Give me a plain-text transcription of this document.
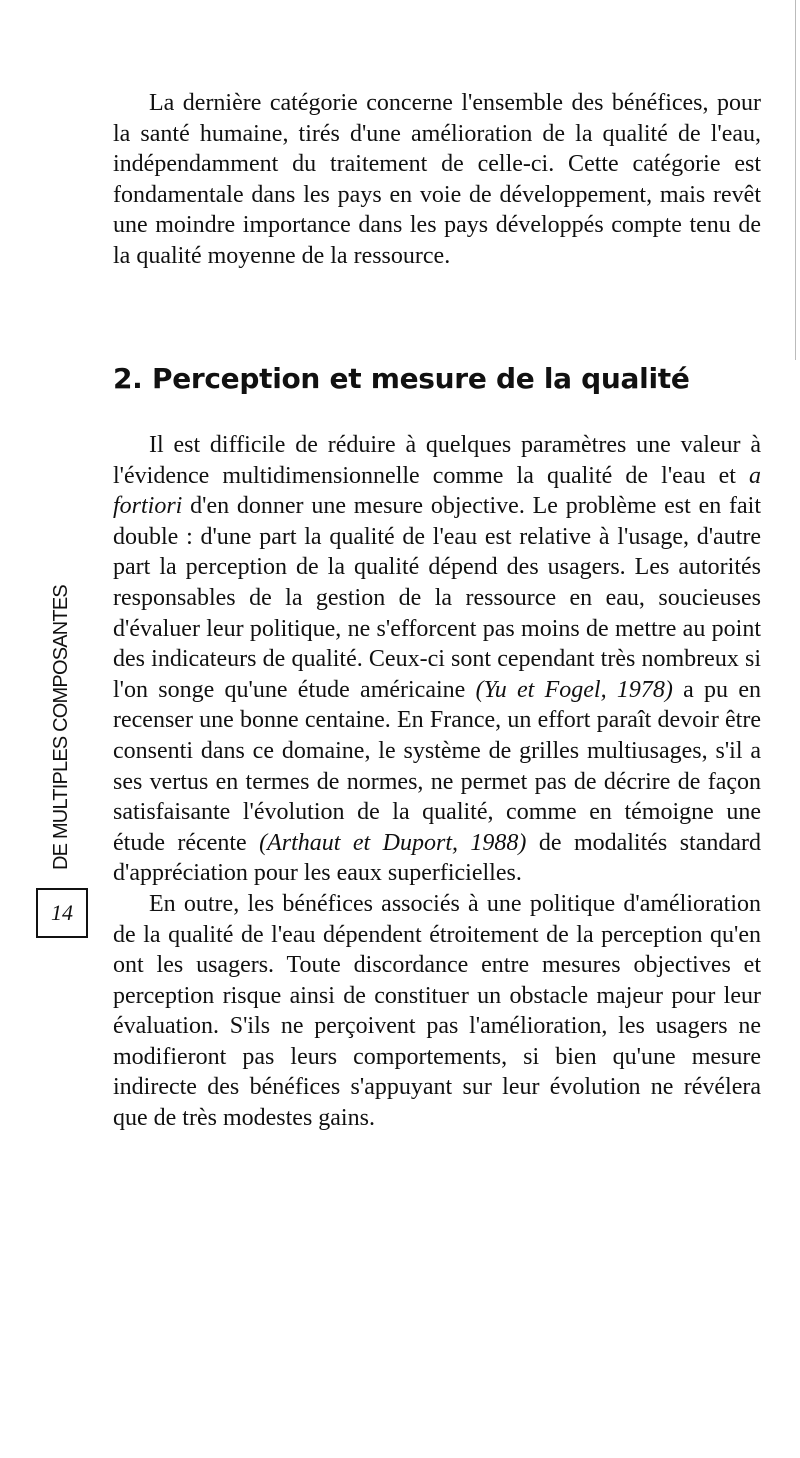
La dernière catégorie concerne l'ensemble des bénéfices, pour la santé humaine, tirés d'une amélioration de la qualité de l'eau, indépendamment du traitement de celle-ci. Cette catégorie est fondamentale dans les pays en voie de développement, mais revêt une moindre importance dans les pays développés compte tenu de la qualité moyenne de la ressource.

2. Perception et mesure de la qualité

Il est difficile de réduire à quelques paramètres une valeur à l'évidence multidimensionnelle comme la qualité de l'eau et a fortiori d'en donner une mesure objective. Le problème est en fait double : d'une part la qualité de l'eau est relative à l'usage, d'autre part la perception de la qualité dépend des usagers. Les autorités responsables de la gestion de la ressource en eau, soucieuses d'évaluer leur politique, ne s'efforcent pas moins de mettre au point des indicateurs de qualité. Ceux-ci sont cependant très nombreux si l'on songe qu'une étude américaine (Yu et Fogel, 1978) a pu en recenser une bonne centaine. En France, un effort paraît devoir être consenti dans ce domaine, le système de grilles multiusages, s'il a ses vertus en termes de normes, ne permet pas de décrire de façon satisfaisante l'évolution de la qualité, comme en témoigne une étude récente (Arthaut et Duport, 1988) de modalités standard d'appréciation pour les eaux superficielles.

En outre, les bénéfices associés à une politique d'amélioration de la qualité de l'eau dépendent étroitement de la perception qu'en ont les usagers. Toute discordance entre mesures objectives et perception risque ainsi de constituer un obstacle majeur pour leur évaluation. S'ils ne perçoivent pas l'amélioration, les usagers ne modifieront pas leurs comportements, si bien qu'une mesure indirecte des bénéfices s'appuyant sur leur évolution ne révélera que de très modestes gains.

DE MULTIPLES COMPOSANTES
14
